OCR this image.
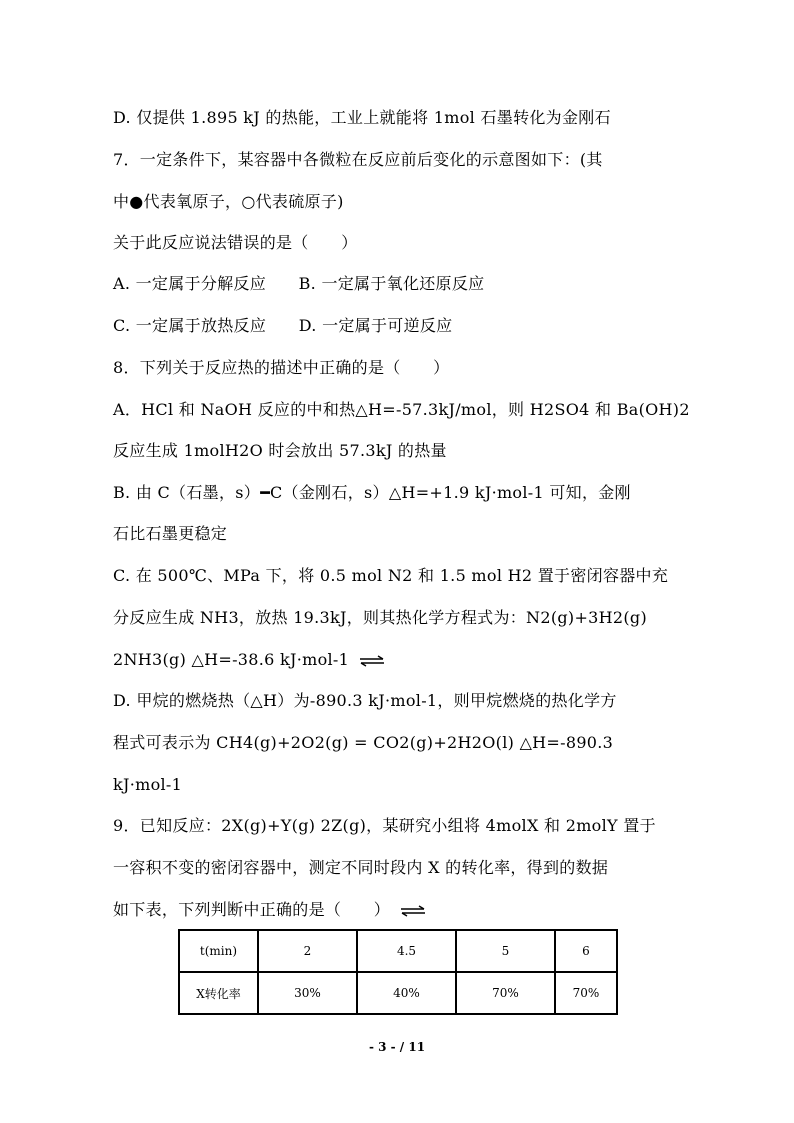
D. 仅提供 1.895 kJ 的热能，工业上就能将 1mol 石墨转化为金刚石
7．一定条件下，某容器中各微粒在反应前后变化的示意图如下：(其
中●代表氧原子，○代表硫原子)
关于此反应说法错误的是（　　）
A. 一定属于分解反应　　B. 一定属于氧化还原反应
C. 一定属于放热反应　　D. 一定属于可逆反应
8．下列关于反应热的描述中正确的是（　　）
A．HCl 和 NaOH 反应的中和热△H=-57.3kJ/mol，则 H2SO4 和 Ba(OH)2
反应生成 1molH2O 时会放出 57.3kJ 的热量
B. 由 C（石墨，s）━C（金刚石，s）△H=+1.9 kJ·mol-1 可知，金刚
石比石墨更稳定
C. 在 500℃、MPa 下，将 0.5 mol N2 和 1.5 mol H2 置于密闭容器中充
分反应生成 NH3，放热 19.3kJ，则其热化学方程式为：N2(g)+3H2(g)
2NH3(g) △H=-38.6 kJ·mol-1 ⇌
D. 甲烷的燃烧热（△H）为-890.3 kJ·mol-1，则甲烷燃烧的热化学方
程式可表示为 CH4(g)+2O2(g) = CO2(g)+2H2O(l) △H=-890.3
kJ·mol-1
9．已知反应：2X(g)+Y(g) 2Z(g)，某研究小组将 4molX 和 2molY 置于
一容积不变的密闭容器中，测定不同时段内 X 的转化率，得到的数据
如下表，下列判断中正确的是（　　） ⇌
t(min)	2	4.5	5	6
X转化率	30%	40%	70%	70%
- 3 - / 11
